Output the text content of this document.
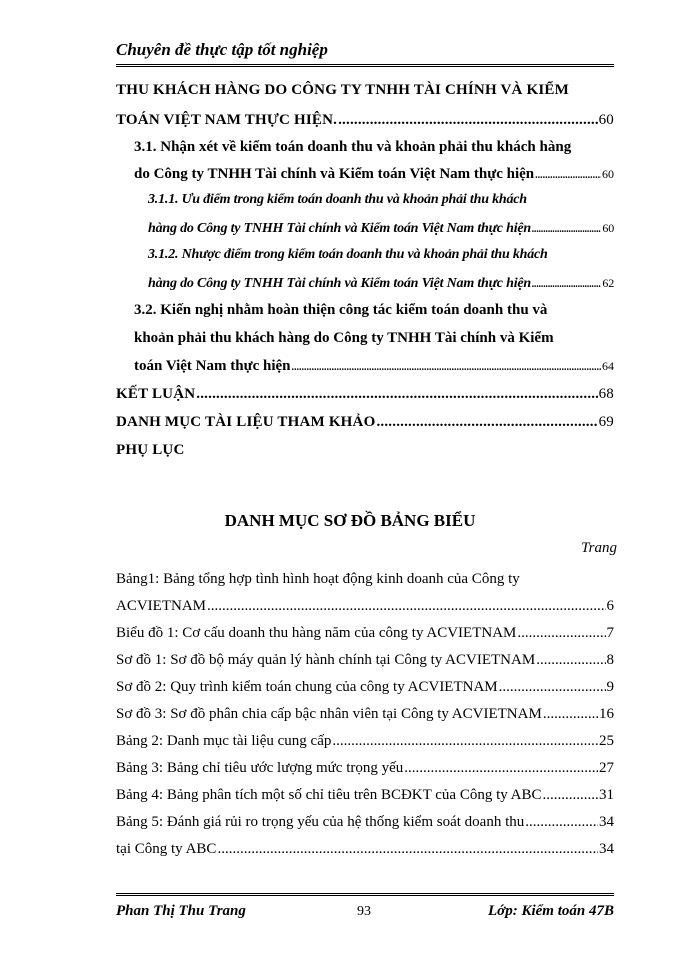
Chuyên đề thực tập tốt nghiệp
THU KHÁCH HÀNG DO CÔNG TY TNHH TÀI CHÍNH VÀ KIỂM
TOÁN VIỆT NAM THỰC HIỆN. .....	60
3.1. Nhận xét về kiểm toán doanh thu và khoản phải thu khách hàng
do Công ty TNHH Tài chính và Kiểm toán Việt Nam thực hiện .....	60
3.1.1. Ưu điểm trong kiểm toán doanh thu và khoản phải thu khách
hàng do Công ty TNHH Tài chính và Kiểm toán Việt Nam thực hiện .....	60
3.1.2. Nhược điểm trong kiểm toán doanh thu và khoản phải thu khách
hàng do Công ty TNHH Tài chính và Kiểm toán Việt Nam thực hiện .....	62
3.2. Kiến nghị nhằm hoàn thiện công tác kiểm toán doanh thu và
khoản phải thu khách hàng do Công ty TNHH Tài chính và Kiểm
toán Việt Nam thực hiện .....	64
KẾT LUẬN .....	68
DANH MỤC TÀI LIỆU THAM KHẢO .....	69
PHỤ LỤC
DANH MỤC SƠ ĐỒ BẢNG BIỂU
Trang
Bảng1: Bảng tổng hợp tình hình hoạt động kinh doanh của Công ty
ACVIETNAM .....	6
Biểu đồ 1: Cơ cấu doanh thu hàng năm của công ty ACVIETNAM .....	7
Sơ đồ 1: Sơ đồ bộ máy quản lý hành chính tại Công ty ACVIETNAM .....	8
Sơ đồ 2: Quy trình kiểm toán chung của công ty ACVIETNAM .....	9
Sơ đồ 3: Sơ đồ phân chia cấp bậc nhân viên tại Công ty ACVIETNAM .....	16
Bảng 2: Danh mục tài liệu cung cấp .....	25
Bảng 3: Bảng chỉ tiêu ước lượng mức trọng yếu .....	27
Bảng 4: Bảng phân tích một số chỉ tiêu trên BCĐKT của Công ty ABC .....	31
Bảng 5: Đánh giá rủi ro trọng yếu của hệ thống kiểm soát doanh thu .....	34
tại Công ty ABC .....	34
Phan Thị Thu Trang	93	Lớp: Kiểm toán 47B
